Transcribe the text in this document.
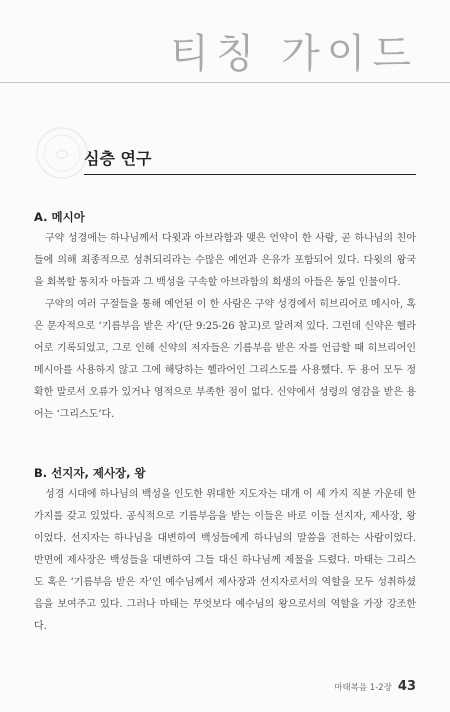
티칭 가이드
심층 연구
A. 메시아

구약 성경에는 하나님께서 다윗과 아브라함과 맺은 언약이 한 사람, 곧 하나님의 친아들에 의해 최종적으로 성취되리라는 수많은 예언과 은유가 포함되어 있다. 다윗의 왕국을 회복할 통치자 아들과 그 백성을 구속할 아브라함의 희생의 아들은 동일 인물이다.

구약의 여러 구절들을 통해 예언된 이 한 사람은 구약 성경에서 히브리어로 메시아, 혹은 문자적으로 ‘기름부음 받은 자’(단 9:25-26 참고)로 알려져 있다. 그런데 신약은 헬라어로 기록되었고, 그로 인해 신약의 저자들은 기름부음 받은 자를 언급할 때 히브리어인 메시아를 사용하지 않고 그에 해당하는 헬라어인 그리스도를 사용했다. 두 용어 모두 정확한 말로서 오류가 있거나 영적으로 부족한 점이 없다. 신약에서 성령의 영감을 받은 용어는 ‘그리스도’다.

B. 선지자, 제사장, 왕

성경 시대에 하나님의 백성을 인도한 위대한 지도자는 대개 이 세 가지 직분 가운데 한 가지를 갖고 있었다. 공식적으로 기름부음을 받는 이들은 바로 이들 선지자, 제사장, 왕이었다. 선지자는 하나님을 대변하여 백성들에게 하나님의 말씀을 전하는 사람이었다. 반면에 제사장은 백성들을 대변하여 그들 대신 하나님께 제물을 드렸다. 마태는 그리스도 혹은 ‘기름부음 받은 자’인 예수님께서 제사장과 선지자로서의 역할을 모두 성취하셨음을 보여주고 있다. 그러나 마태는 무엇보다 예수님의 왕으로서의 역할을 가장 강조한다.

마태복음 1-2장 43
